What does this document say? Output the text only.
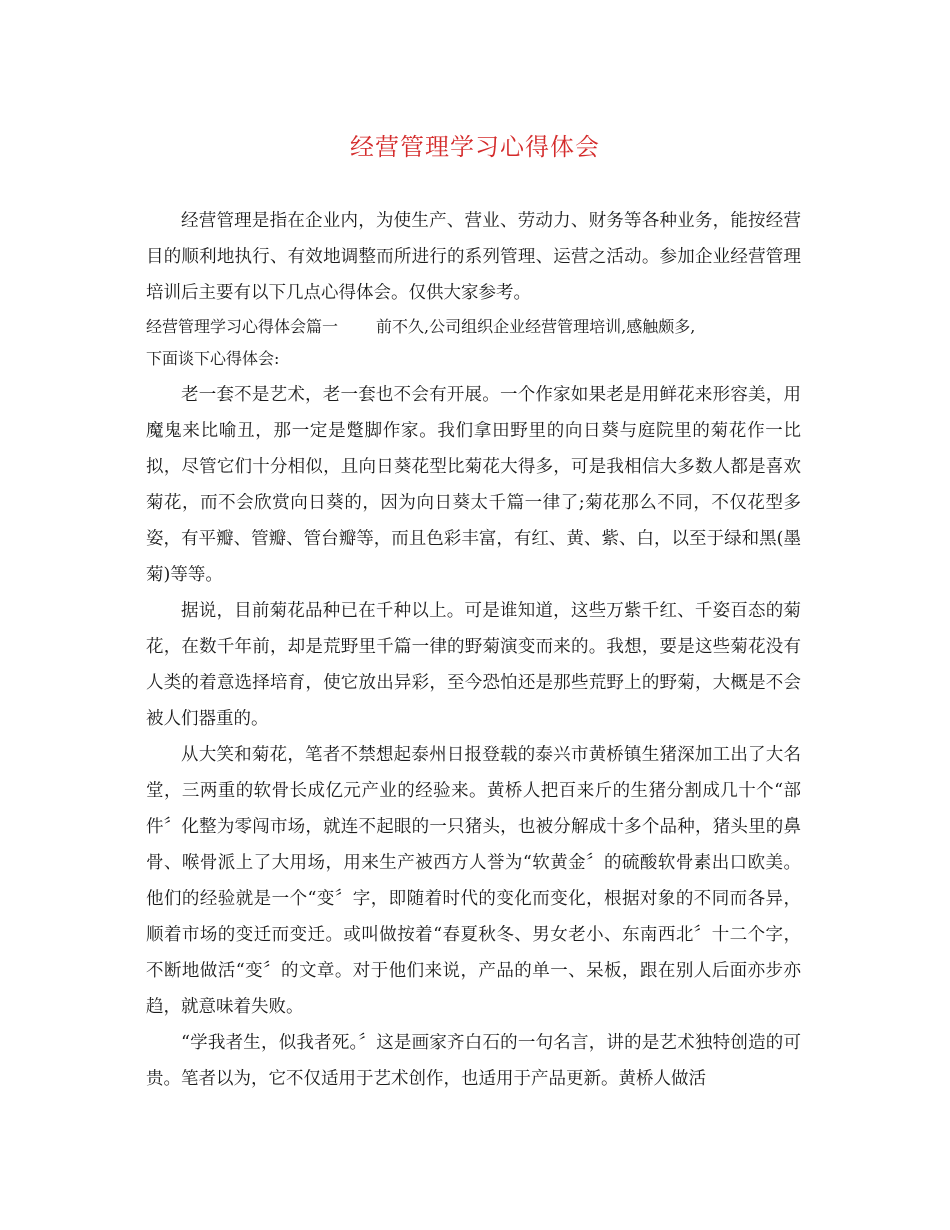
经营管理学习心得体会

经营管理是指在企业内，为使生产、营业、劳动力、财务等各种业务，能按经营目的顺利地执行、有效地调整而所进行的系列管理、运营之活动。参加企业经营管理培训后主要有以下几点心得体会。仅供大家参考。

经营管理学习心得体会篇一 前不久,公司组织企业经营管理培训,感触颇多,

下面谈下心得体会:

老一套不是艺术，老一套也不会有开展。一个作家如果老是用鲜花来形容美，用魔鬼来比喻丑，那一定是蹩脚作家。我们拿田野里的向日葵与庭院里的菊花作一比拟，尽管它们十分相似，且向日葵花型比菊花大得多，可是我相信大多数人都是喜欢菊花，而不会欣赏向日葵的，因为向日葵太千篇一律了;菊花那么不同，不仅花型多姿，有平瓣、管瓣、管台瓣等，而且色彩丰富，有红、黄、紫、白，以至于绿和黑(墨菊)等等。

据说，目前菊花品种已在千种以上。可是谁知道，这些万紫千红、千姿百态的菊花，在数千年前，却是荒野里千篇一律的野菊演变而来的。我想，要是这些菊花没有人类的着意选择培育，使它放出异彩，至今恐怕还是那些荒野上的野菊，大概是不会被人们器重的。

从大笑和菊花，笔者不禁想起泰州日报登载的泰兴市黄桥镇生猪深加工出了大名堂，三两重的软骨长成亿元产业的经验来。黄桥人把百来斤的生猪分割成几十个“部件〞化整为零闯市场，就连不起眼的一只猪头，也被分解成十多个品种，猪头里的鼻骨、喉骨派上了大用场，用来生产被西方人誉为“软黄金〞的硫酸软骨素出口欧美。他们的经验就是一个“变〞字，即随着时代的变化而变化，根据对象的不同而各异，顺着市场的变迁而变迁。或叫做按着“春夏秋冬、男女老小、东南西北〞十二个字，不断地做活“变〞的文章。对于他们来说，产品的单一、呆板，跟在别人后面亦步亦趋，就意味着失败。

“学我者生，似我者死。〞这是画家齐白石的一句名言，讲的是艺术独特创造的可贵。笔者以为，它不仅适用于艺术创作，也适用于产品更新。黄桥人做活
